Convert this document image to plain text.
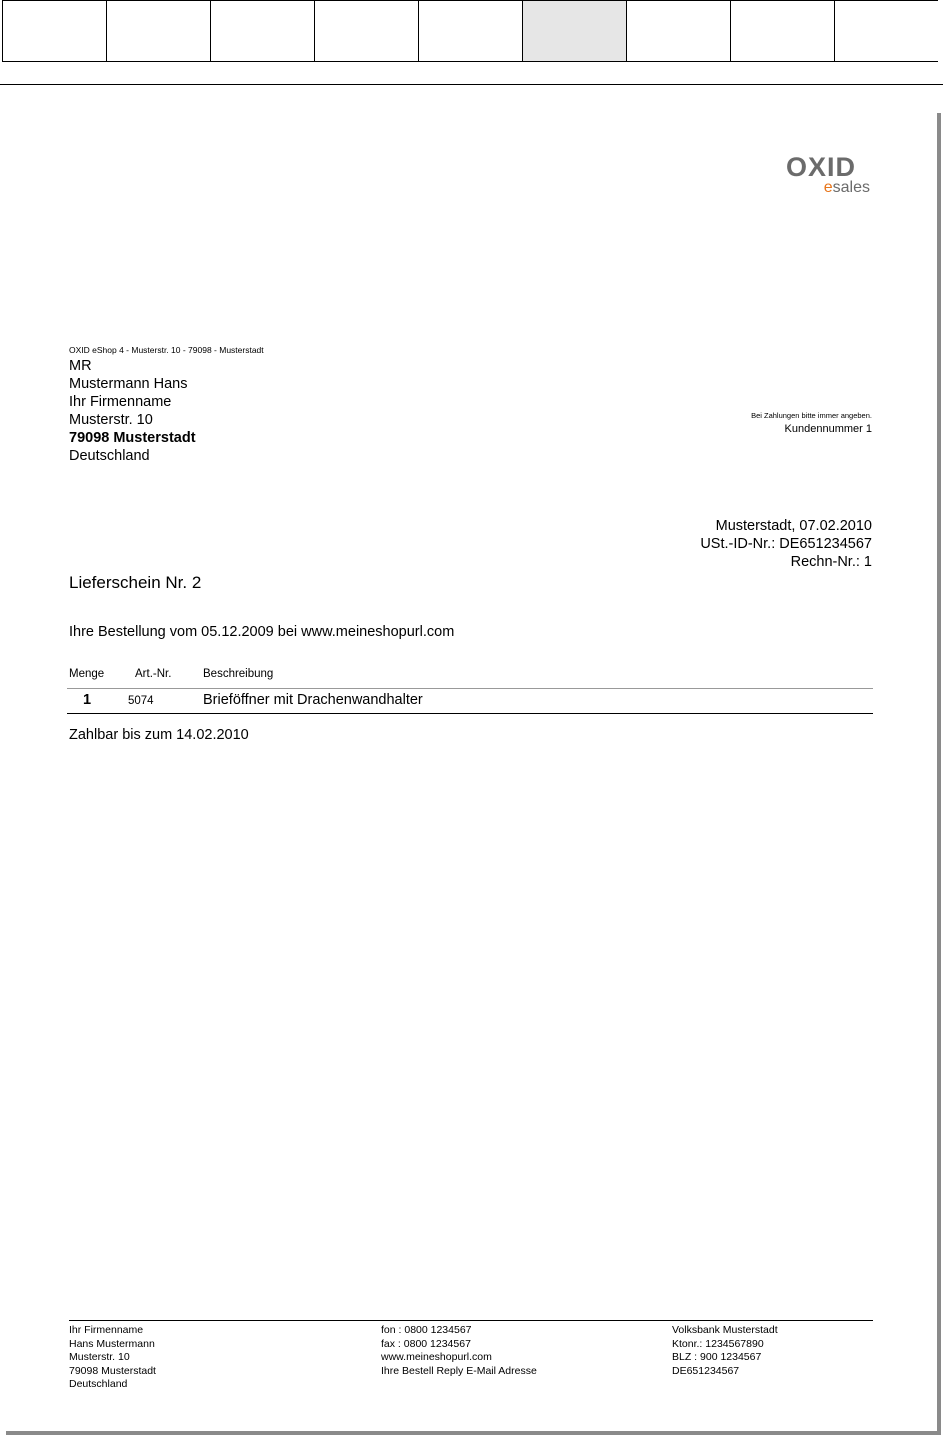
OXID
esales
OXID eShop 4 - Musterstr. 10 - 79098 - Musterstadt
MR
Mustermann Hans
Ihr Firmenname
Musterstr. 10
79098 Musterstadt
Deutschland
Bei Zahlungen bitte immer angeben.
Kundennummer 1
Musterstadt, 07.02.2010
USt.-ID-Nr.: DE651234567
Rechn-Nr.: 1
Lieferschein Nr. 2
Ihre Bestellung vom 05.12.2009 bei www.meineshopurl.com
Menge	Art.-Nr.	Beschreibung
1	5074	Brieföffner mit Drachenwandhalter
Zahlbar bis zum 14.02.2010
Ihr Firmenname
Hans Mustermann
Musterstr. 10
79098 Musterstadt
Deutschland
fon : 0800 1234567
fax : 0800 1234567
www.meineshopurl.com
Ihre Bestell Reply E-Mail Adresse
Volksbank Musterstadt
Ktonr.: 1234567890
BLZ : 900 1234567
DE651234567
